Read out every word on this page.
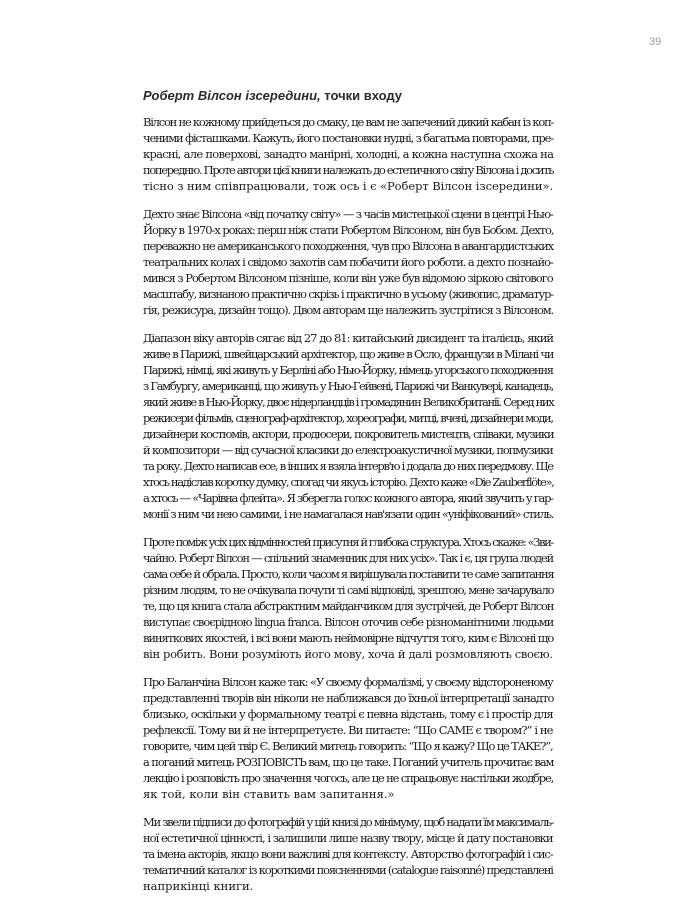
39
Роберт Вілсон ізсередини, точки входу
Вілсон не кожному прийдеться до смаку, це вам не запечений дикий кабан із коп-
ченими фісташками. Кажуть, його постановки нудні, з багатьма повторами, пре-
красні, але поверхові, занадто манірні, холодні, а кожна наступна схожа на
попередню. Проте автори цієї книги належать до естетичного світу Вілсона і досить
тісно з ним співпрацювали, тож ось і є «Роберт Вілсон ізсередини».
Дехто знає Вілсона «від початку світу» — з часів мистецької сцени в центрі Нью-
Йорку в 1970-х роках: перш ніж стати Робертом Вілсоном, він був Бобом. Дехто,
переважно не американського походження, чув про Вілсона в авангардистських
театральних колах і свідомо захотів сам побачити його роботи. а дехто познайо-
мився з Робертом Вілсоном пізніше, коли він уже був відомою зіркою світового
масштабу, визнаною практично скрізь і практично в усьому (живопис, драматур-
гія, режисура, дизайн тощо). Двом авторам ще належить зустрітися з Вілсоном.
Діапазон віку авторів сягає від 27 до 81: китайський дисидент та італієць, який
живе в Парижі, швейцарський архітектор, що живе в Осло, французи в Мілані чи
Парижі, німці, які живуть у Берліні або Нью-Йорку, німець угорського походження
з Гамбургу, американці, що живуть у Нью-Гейвені, Парижі чи Ванкувері, канадець,
який живе в Нью-Йорку, двоє нідерландців і громадянин Великобританії. Серед них
режисери фільмів, сценограф-архітектор, хореографи, митці, вчені, дизайнери моди,
дизайнери костюмів, актори, продюсери, покровитель мистецтв, співаки, музики
й композитори — від сучасної класики до електроакустичної музики, попмузики
та року. Дехто написав есе, в інших я взяла інтерв'ю і додала до них передмову. Ще
хтось надіслав коротку думку, спогад чи якусь історію. Дехто каже «Die Zauberflöte»,
а хтось — «Чарівна флейта». Я зберегла голос кожного автора, який звучить у гар-
монії з ним чи нею самими, і не намагалася нав'язати один «уніфікований» стиль.
Проте поміж усіх цих відмінностей присутня й глибока структура. Хтось скаже: «Зви-
чайно. Роберт Вілсон — спільний знаменник для них усіх». Так і є, ця група людей
сама себе й обрала. Просто, коли часом я вирішувала поставити те саме запитання
різним людям, то не очікувала почути ті самі відповіді, зрештою, мене зачарувало
те, що ця книга стала абстрактним майданчиком для зустрічей, де Роберт Вілсон
виступає своєрідною lingua franca. Вілсон оточив себе різноманітними людьми
виняткових якостей, і всі вони мають неймовірне відчуття того, ким є Вілсоні що
він робить. Вони розуміють його мову, хоча й далі розмовляють своєю.
Про Баланчіна Вілсон каже так: «У своєму формалізмі, у своєму відстороненому
представленні творів він ніколи не наближався до їхньої інтерпретації занадто
близько, оскільки у формальному театрі є певна відстань, тому є і простір для
рефлексії. Тому ви й не інтерпретуєте. Ви питаєте: “Що САМЕ є твором?” і не
говорите, чим цей твір Є. Великий митець говорить: “Що я кажу? Що це ТАКЕ?”,
а поганий митець РОЗПОВІСТЬ вам, що це таке. Поганий учитель прочитає вам
лекцію і розповість про значення чогось, але це не спрацьовує настільки жодбре,
як той, коли він ставить вам запитання.»
Ми звели підписи до фотографій у цій книзі до мінімуму, щоб надати їм максималь-
ної естетичної цінності, і залишили лише назву твору, місце й дату постановки
та імена акторів, якщо вони важливі для контексту. Авторство фотографій і сис-
тематичний каталог із короткими поясненнями (catalogue raisonné) представлені
наприкінці книги.
